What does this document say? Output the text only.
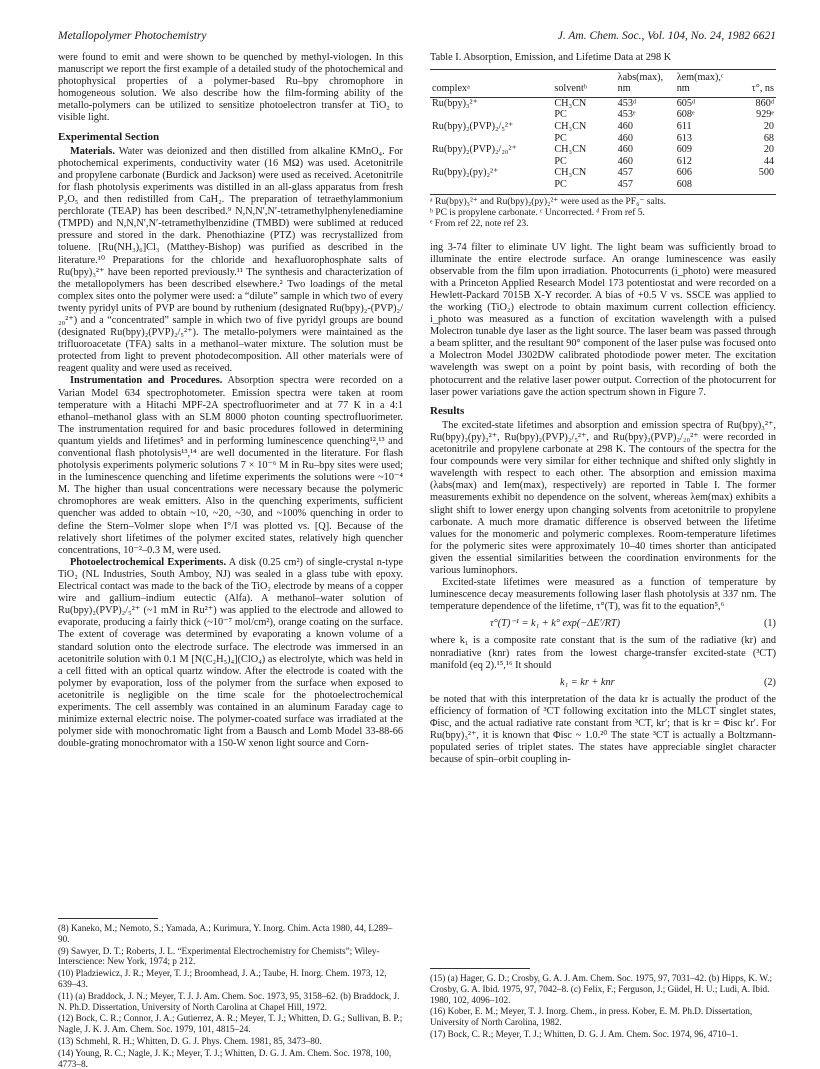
Metallopolymer Photochemistry	J. Am. Chem. Soc., Vol. 104, No. 24, 1982 6621

were found to emit and were shown to be quenched by methyl-viologen. In this manuscript we report the first example of a detailed study of the photochemical and photophysical properties of a polymer-based Ru–bpy chromophore in homogeneous solution. We also describe how the film-forming ability of the metallo-polymers can be utilized to sensitize photoelectron transfer at TiO₂ to visible light.

Experimental Section

Materials. Water was deionized and then distilled from alkaline KMnO₄. For photochemical experiments, conductivity water (16 MΩ) was used. Acetonitrile and propylene carbonate (Burdick and Jackson) were used as received. Acetonitrile for flash photolysis experiments was distilled in an all-glass apparatus from fresh P₂O₅ and then redistilled from CaH₂. The preparation of tetraethylammonium perchlorate (TEAP) has been described.⁹ N,N,N′,N′-tetramethylphenylenediamine (TMPD) and N,N,N′,N′-tetramethylbenzidine (TMBD) were sublimed at reduced pressure and stored in the dark. Phenothiazine (PTZ) was recrystallized from toluene. [Ru(NH₃)₆]Cl₃ (Matthey-Bishop) was purified as described in the literature.¹⁰ Preparations for the chloride and hexafluorophosphate salts of Ru(bpy)₃²⁺ have been reported previously.¹¹ The synthesis and characterization of the metallopolymers has been described elsewhere.² Two loadings of the metal complex sites onto the polymer were used: a “dilute” sample in which two of every twenty pyridyl units of PVP are bound by ruthenium (designated Ru(bpy)₂-(PVP)₂/₂₀²⁺) and a “concentrated” sample in which two of five pyridyl groups are bound (designated Ru(bpy)₂(PVP)₂/₅²⁺). The metallo-polymers were maintained as the trifluoroacetate (TFA) salts in a methanol–water mixture. The solution must be protected from light to prevent photodecomposition. All other materials were of reagent quality and were used as received.

Instrumentation and Procedures. Absorption spectra were recorded on a Varian Model 634 spectrophotometer. Emission spectra were taken at room temperature with a Hitachi MPF-2A spectrofluorimeter and at 77 K in a 4:1 ethanol–methanol glass with an SLM 8000 photon counting spectrofluorimeter. The instrumentation required for and basic procedures followed in determining quantum yields and lifetimes⁵ and in performing luminescence quenching¹²,¹³ and conventional flash photolysis¹³,¹⁴ are well documented in the literature. For flash photolysis experiments polymeric solutions 7 × 10⁻⁶ M in Ru–bpy sites were used; in the luminescence quenching and lifetime experiments the solutions were ~10⁻⁴ M. The higher than usual concentrations were necessary because the polymeric chromophores are weak emitters. Also in the quenching experiments, sufficient quencher was added to obtain ~10, ~20, ~30, and ~100% quenching in order to define the Stern–Volmer slope when I°/I was plotted vs. [Q]. Because of the relatively short lifetimes of the polymer excited states, relatively high quencher concentrations, 10⁻²–0.3 M, were used.

Photoelectrochemical Experiments. A disk (0.25 cm²) of single-crystal n-type TiO₂ (NL Industries, South Amboy, NJ) was sealed in a glass tube with epoxy. Electrical contact was made to the back of the TiO₂ electrode by means of a copper wire and gallium–indium eutectic (Alfa). A methanol–water solution of Ru(bpy)₂(PVP)₂/₅²⁺ (~1 mM in Ru²⁺) was applied to the electrode and allowed to evaporate, producing a fairly thick (~10⁻⁷ mol/cm²), orange coating on the surface. The extent of coverage was determined by evaporating a known volume of a standard solution onto the electrode surface. The electrode was immersed in an acetonitrile solution with 0.1 M [N(C₂H₅)₄](ClO₄) as electrolyte, which was held in a cell fitted with an optical quartz window. After the electrode is coated with the polymer by evaporation, loss of the polymer from the surface when exposed to acetonitrile is negligible on the time scale for the photoelectrochemical experiments. The cell assembly was contained in an aluminum Faraday cage to minimize external electric noise. The polymer-coated surface was irradiated at the polymer side with monochromatic light from a Bausch and Lomb Model 33-88-66 double-grating monochromator with a 150-W xenon light source and Corn-

(8) Kaneko, M.; Nemoto, S.; Yamada, A.; Kurimura, Y. Inorg. Chim. Acta 1980, 44, L289–90.

(9) Sawyer, D. T.; Roberts, J. L. “Experimental Electrochemistry for Chemists”; Wiley-Interscience: New York, 1974; p 212.

(10) Pladziewicz, J. R.; Meyer, T. J.; Broomhead, J. A.; Taube, H. Inorg. Chem. 1973, 12, 639–43.

(11) (a) Braddock, J. N.; Meyer, T. J. J. Am. Chem. Soc. 1973, 95, 3158–62. (b) Braddock, J. N. Ph.D. Dissertation, University of North Carolina at Chapel Hill, 1972.

(12) Bock, C. R.; Connor, J. A.; Gutierrez, A. R.; Meyer, T. J.; Whitten, D. G.; Sullivan, B. P.; Nagle, J. K. J. Am. Chem. Soc. 1979, 101, 4815–24.

(13) Schmehl, R. H.; Whitten, D. G. J. Phys. Chem. 1981, 85, 3473–80.

(14) Young, R. C.; Nagle, J. K.; Meyer, T. J.; Whitten, D. G. J. Am. Chem. Soc. 1978, 100, 4773–8.

Table I. Absorption, Emission, and Lifetime Data at 298 K
complexᵃ	solventᵇ	λabs(max), nm	λem(max),ᶜ nm	τ°, ns
Ru(bpy)₃²⁺	CH₃CN	453ᵈ	605ᵈ	860ᵈ
	PC	453ᵉ	608ᵉ	929ᵉ
Ru(bpy)₂(PVP)₂/₅²⁺	CH₃CN	460	611	20
	PC	460	613	68
Ru(bpy)₂(PVP)₂/₂₀²⁺	CH₃CN	460	609	20
	PC	460	612	44
Ru(bpy)₂(py)₂²⁺	CH₃CN	457	606	500
	PC	457	608	
ᵃ Ru(bpy)₃²⁺ and Ru(bpy)₂(py)₂²⁺ were used as the PF₆⁻ salts.
ᵇ PC is propylene carbonate. ᶜ Uncorrected. ᵈ From ref 5.
ᵉ From ref 22, note ref 23.

ing 3-74 filter to eliminate UV light. The light beam was sufficiently broad to illuminate the entire electrode surface. An orange luminescence was easily observable from the film upon irradiation. Photocurrents (i_photo) were measured with a Princeton Applied Research Model 173 potentiostat and were recorded on a Hewlett-Packard 7015B X-Y recorder. A bias of +0.5 V vs. SSCE was applied to the working (TiO₂) electrode to obtain maximum current collection efficiency. i_photo was measured as a function of excitation wavelength with a pulsed Molectron tunable dye laser as the light source. The laser beam was passed through a beam splitter, and the resultant 90° component of the laser pulse was focused onto a Molectron Model J302DW calibrated photodiode power meter. The excitation wavelength was swept on a point by point basis, with recording of both the photocurrent and the relative laser power output. Correction of the photocurrent for laser power variations gave the action spectrum shown in Figure 7.

Results

The excited-state lifetimes and absorption and emission spectra of Ru(bpy)₃²⁺, Ru(bpy)₂(py)₂²⁺, Ru(bpy)₂(PVP)₂/₅²⁺, and Ru(bpy)₂(PVP)₂/₂₀²⁺ were recorded in acetonitrile and propylene carbonate at 298 K. The contours of the spectra for the four compounds were very similar for either technique and shifted only slightly in wavelength with respect to each other. The absorption and emission maxima (λabs(max) and Iem(max), respectively) are reported in Table I. The former measurements exhibit no dependence on the solvent, whereas λem(max) exhibits a slight shift to lower energy upon changing solvents from acetonitrile to propylene carbonate. A much more dramatic difference is observed between the lifetime values for the monomeric and polymeric complexes. Room-temperature lifetimes for the polymeric sites were approximately 10–40 times shorter than anticipated given the essential similarities between the coordination environments for the various luminophors.

Excited-state lifetimes were measured as a function of temperature by luminescence decay measurements following laser flash photolysis at 337 nm. The temperature dependence of the lifetime, τ°(T), was fit to the equation⁵,⁶

τ°(T)⁻¹ = k₁ + k° exp(−ΔE′/RT)	(1)

where k₁ is a composite rate constant that is the sum of the radiative (kr) and nonradiative (knr) rates from the lowest charge-transfer excited-state (³CT) manifold (eq 2).¹⁵,¹⁶ It should

k₁ = kr + knr	(2)

be noted that with this interpretation of the data kr is actually the product of the efficiency of formation of ³CT following excitation into the MLCT singlet states, Φisc, and the actual radiative rate constant from ³CT, kr′; that is kr = Φisc kr′. For Ru(bpy)₃²⁺, it is known that Φisc ~ 1.0.²⁰ The state ³CT is actually a Boltzmann-populated series of triplet states. The states have appreciable singlet character because of spin–orbit coupling in-

(15) (a) Hager, G. D.; Crosby, G. A. J. Am. Chem. Soc. 1975, 97, 7031–42. (b) Hipps, K. W.; Crosby, G. A. Ibid. 1975, 97, 7042–8. (c) Felix, F.; Ferguson, J.; Güdel, H. U.; Ludi, A. Ibid. 1980, 102, 4096–102.

(16) Kober, E. M.; Meyer, T. J. Inorg. Chem., in press. Kober, E. M. Ph.D. Dissertation, University of North Carolina, 1982.

(17) Bock, C. R.; Meyer, T. J.; Whitten, D. G. J. Am. Chem. Soc. 1974, 96, 4710–1.
